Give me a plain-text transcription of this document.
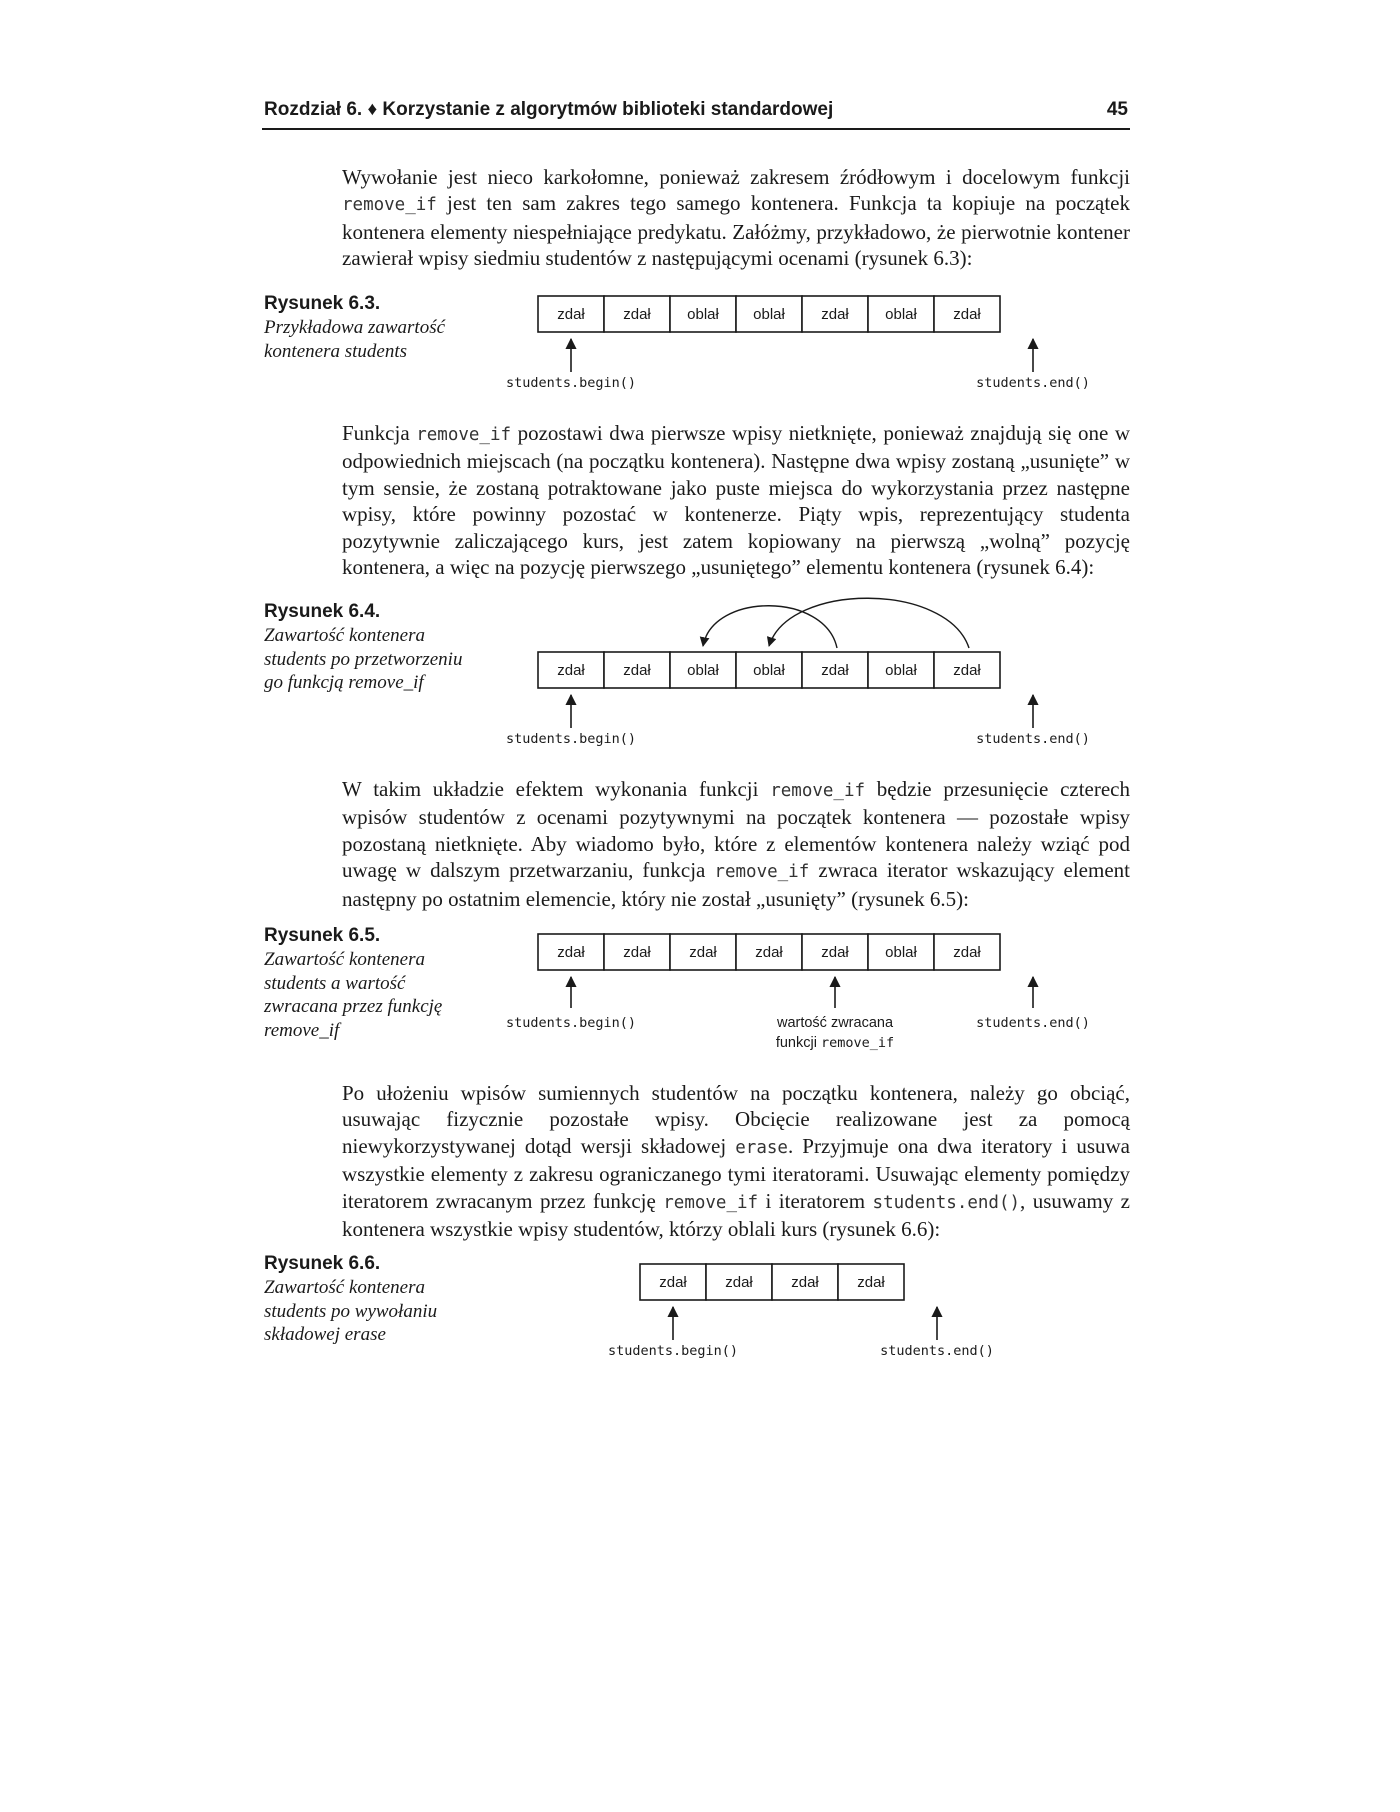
Rozdział 6. ♦ Korzystanie z algorytmów biblioteki standardowej	45

Wywołanie jest nieco karkołomne, ponieważ zakresem źródłowym i docelowym funkcji remove_if jest ten sam zakres tego samego kontenera. Funkcja ta kopiuje na początek kontenera elementy niespełniające predykatu. Załóżmy, przykładowo, że pierwotnie kontener zawierał wpisy siedmiu studentów z następującymi ocenami (rysunek 6.3):

Funkcja remove_if pozostawi dwa pierwsze wpisy nietknięte, ponieważ znajdują się one w odpowiednich miejscach (na początku kontenera). Następne dwa wpisy zostaną „usunięte” w tym sensie, że zostaną potraktowane jako puste miejsca do wykorzystania przez następne wpisy, które powinny pozostać w kontenerze. Piąty wpis, reprezentujący studenta pozytywnie zaliczającego kurs, jest zatem kopiowany na pierwszą „wolną” pozycję kontenera, a więc na pozycję pierwszego „usuniętego” elementu kontenera (rysunek 6.4):

W takim układzie efektem wykonania funkcji remove_if będzie przesunięcie czterech wpisów studentów z ocenami pozytywnymi na początek kontenera — pozostałe wpisy pozostaną nietknięte. Aby wiadomo było, które z elementów kontenera należy wziąć pod uwagę w dalszym przetwarzaniu, funkcja remove_if zwraca iterator wskazujący element następny po ostatnim elemencie, który nie został „usunięty” (rysunek 6.5):

Po ułożeniu wpisów sumiennych studentów na początku kontenera, należy go obciąć, usuwając fizycznie pozostałe wpisy. Obcięcie realizowane jest za pomocą niewykorzystywanej dotąd wersji składowej erase. Przyjmuje ona dwa iteratory i usuwa wszystkie elementy z zakresu ograniczanego tymi iteratorami. Usuwając elementy pomiędzy iteratorem zwracanym przez funkcję remove_if i iteratorem students.end(), usuwamy z kontenera wszystkie wpisy studentów, którzy oblali kurs (rysunek 6.6):

Rysunek 6.3.
Przykładowa zawartość
kontenera students
Rysunek 6.4.
Zawartość kontenera
students po przetworzeniu
go funkcją remove_if
Rysunek 6.5.
Zawartość kontenera
students a wartość
zwracana przez funkcję
remove_if
Rysunek 6.6.
Zawartość kontenera
students po wywołaniu
składowej erase
zdał	zdał oblał oblał zdał oblał zdał
students.begin()	students.end()
zdał	zdał oblał oblał zdał oblał zdał
students.begin()	students.end()
zdał	zdał	zdał	zdał	zdał oblał zdał
students.begin()	students.end()
wartość zwracana
funkcji remove_if
zdał	zdał	zdał	zdał
students.begin()	students.end()
